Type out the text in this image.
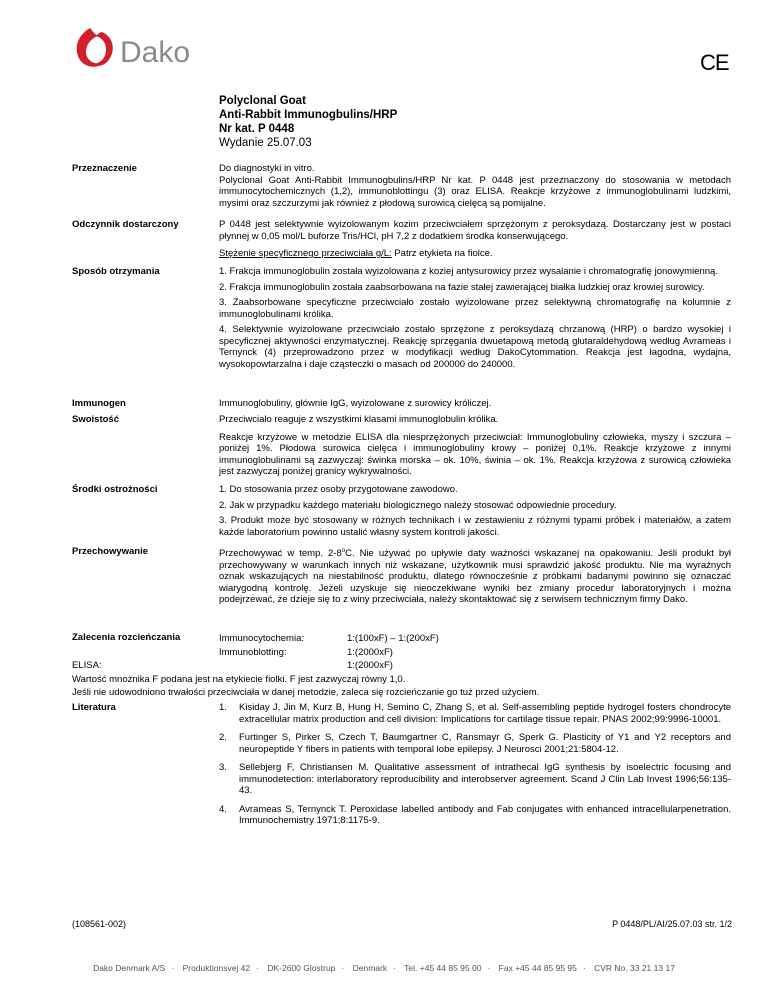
Dako	CE
Polyclonal Goat
Anti-Rabbit Immunogbulins/HRP
Nr kat. P 0448
Wydanie 25.07.03
Przeznaczenie	Do diagnostyki in vitro.

Polyclonal Goat Anti-Rabbit Immunogbulins/HRP Nr kat. P 0448 jest przeznaczony do stosowania w metodach immunocytochemicznych (1,2), immunoblottingu (3) oraz ELISA. Reakcje krzyżowe z immunoglobulinami ludzkimi, mysimi oraz szczurzymi jak również z płodową surowicą cielęcą są pomijalne.

Odczynnik dostarczony	P 0448 jest selektywnie wyizolowanym kozim przeciwciałem sprzężonym z peroksydazą. Dostarczany jest w postaci płynnej w 0,05 mol/L buforze Tris/HCl, pH 7,2 z dodatkiem środka konserwującego.

Stężenie specyficznego przeciwciała g/L: Patrz etykieta na fiolce.

Sposób otrzymania	1. Frakcja immunoglobulin została wyizolowana z koziej antysurowicy przez wysalanie i chromatografię jonowymienną.

2. Frakcja immunoglobulin została zaabsorbowana na fazie stałej zawierającej białka ludzkiej oraz krowiej surowicy.

3. Zaabsorbowane specyficzne przeciwciało zostało wyizolowane przez selektywną chromatografię na kolumnie z immunoglobulinami królika.

4. Selektywnie wyizolowane przeciwciało zostało sprzężone z peroksydazą chrzanową (HRP) o bardzo wysokiej i specyficznej aktywności enzymatycznej. Reakcję sprzęgania dwuetapową metodą glutaraldehydową według Avrameas i Ternynck (4) przeprowadzono przez w modyfikacji według DakoCytommation. Reakcja jest łagodna, wydajna, wysokopowtarzalna i daje cząsteczki o masach od 200000 do 240000.

Immunogen	Immunoglobuliny, głównie IgG, wyizolowane z surowicy króliczej.
Swoistość	Przeciwciało reaguje z wszystkimi klasami immunoglobulin królika.

Reakcje krzyżowe w metodzie ELISA dla niesprzężonych przeciwciał: Immunoglobuliny człowieka, myszy i szczura – poniżej 1%. Płodowa surowica cielęca i immunoglobuliny krowy – poniżej 0,1%. Reakcje krzyżowe z innymi immunoglobulinami są zazwyczaj: świnka morska – ok. 10%, świnia – ok. 1%. Reakcja krzyżowa z surowicą człowieka jest zazwyczaj poniżej granicy wykrywalności.

Środki ostrożności	1. Do stosowania przez osoby przygotowane zawodowo.

2. Jak w przypadku każdego materiału biologicznego należy stosować odpowiednie procedury.

3. Produkt może być stosowany w różnych technikach i w zestawieniu z różnymi typami próbek i materiałów, a zatem każde laboratorium powinno ustalić własny system kontroli jakości.

Przechowywanie	Przechowywać w temp. 2-8$^o$C. Nie używać po upływie daty ważności wskazanej na opakowaniu. Jeśli produkt był przechowywany w warunkach innych niż wskazane, użytkownik musi sprawdzić jakość produktu. Nie ma wyraźnych oznak wskazujących na niestabilność produktu, dlatego równocześnie z próbkami badanymi powinno się oznaczać wiarygodną kontrolę. Jeżeli uzyskuje się nieoczekiwane wyniki bez zmiany procedur laboratoryjnych i można podejrzewać, że dzieje się to z winy przeciwciała, należy skontaktować się z serwisem technicznym firmy Dako.
Zalecenia rozcieńczania	Immunocytochemia:	1:(100xF) – 1:(200xF)
Immunoblotting:	1:(2000xF)
ELISA:	1:(2000xF)
Wartość mnożnika F podana jest na etykiecie fiolki. F jest zazwyczaj równy 1,0.
Jeśli nie udowodniono trwałości przeciwciała w danej metodzie, zaleca się rozcieńczanie go tuż przed użyciem.
Literatura	1.	Kisiday J, Jin M, Kurz B, Hung H, Semino C, Zhang S, et al. Self-assembling peptide hydrogel fosters chondrocyte extracellular matrix production and cell division: Implications for cartilage tissue repair. PNAS 2002;99:9996-10001.
2.	Furtinger S, Pirker S, Czech T, Baumgartner C, Ransmayr G, Sperk G. Plasticity of Y1 and Y2 receptors and neuropeptide Y fibers in patients with temporal lobe epilepsy. J Neurosci 2001;21:5804-12.
3.	Sellebjerg F, Christiansen M. Qualitative assessment of intrathecal IgG synthesis by isoelectric focusing and immunodetection: interlaboratory reproducibility and interobserver agreement. Scand J Clin Lab Invest 1996;56:135-43.
4.	Avrameas S, Ternynck T. Peroxidase labelled antibody and Fab conjugates with enhanced intracellularpenetration. Immunochemistry 1971;8:1175-9.
(108561-002)	P 0448/PL/AI/25.07.03 str. 1/2
Dako Denmark A/S · Produktionsvej 42 · DK-2600 Glostrup · Denmark · Tel. +45 44 85 95 00 · Fax +45 44 85 95 95 · CVR No. 33 21 13 17
